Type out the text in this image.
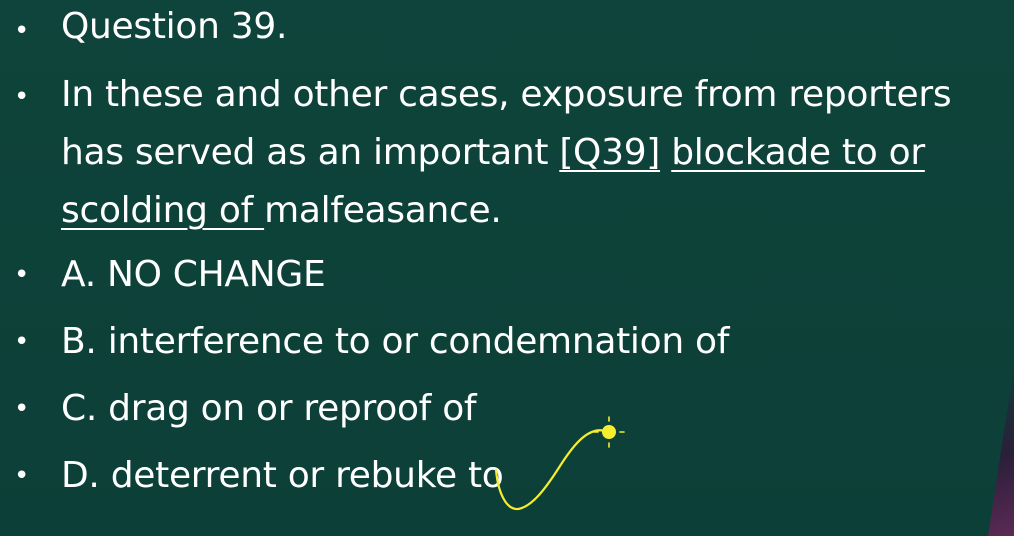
• Question 39.
• In these and other cases, exposure from reporters has served as an important [Q39] blockade to or scolding of malfeasance.
• A. NO CHANGE
• B. interference to or condemnation of
• C. drag on or reproof of
• D. deterrent or rebuke to
